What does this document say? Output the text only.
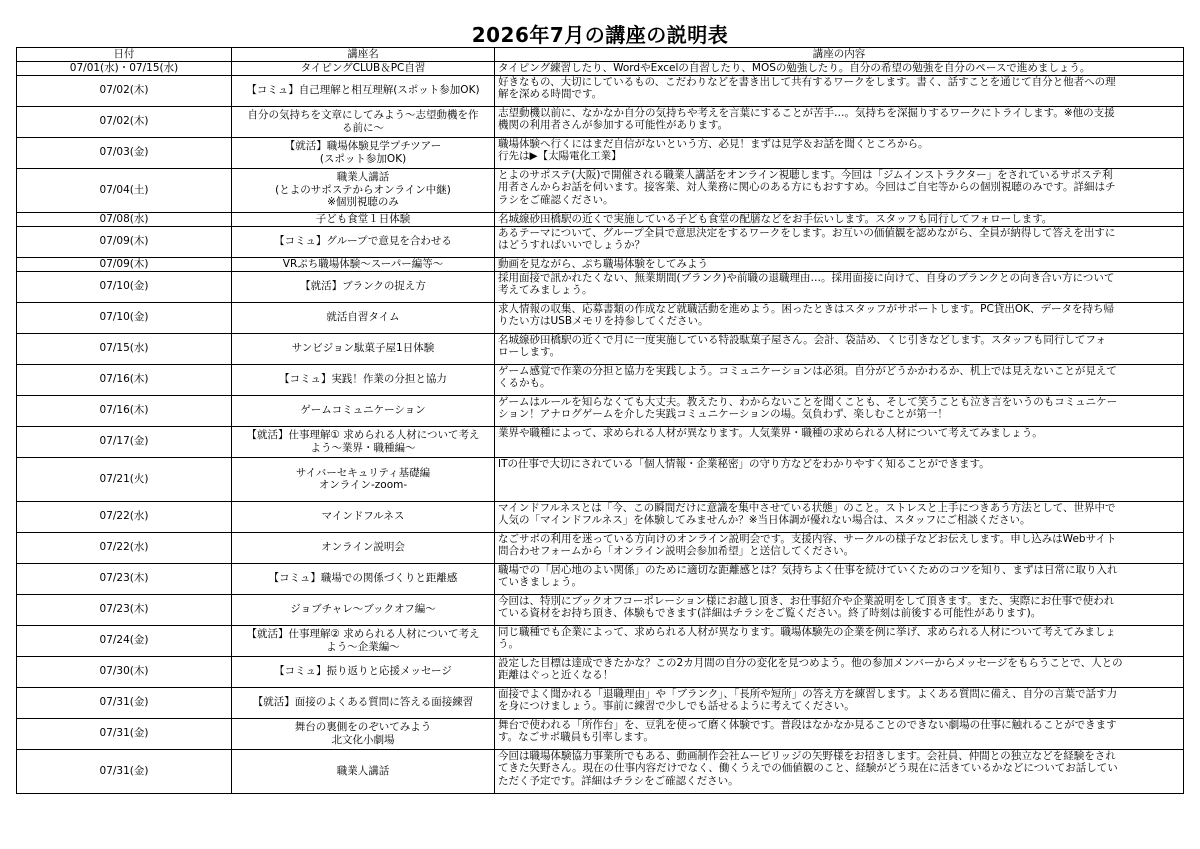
2026年7月の講座の説明表
日付	講座名	講座の内容
07/01(水)・07/15(水)	タイピングCLUB＆PC自習	タイピング練習したり、WordやExcelの自習したり、MOSの勉強したり。自分の希望の勉強を自分のペースで進めましょう。
07/02(木)	【コミュ】自己理解と相互理解(スポット参加OK)	好きなもの、大切にしているもの、こだわりなどを書き出して共有するワークをします。書く、話すことを通じて自分と他者への理
解を深める時間です。
07/02(木)	自分の気持ちを文章にしてみよう〜志望動機を作
る前に〜	志望動機以前に、なかなか自分の気持ちや考えを言葉にすることが苦手…。気持ちを深掘りするワークにトライします。※他の支援
機関の利用者さんが参加する可能性があります。
07/03(金)	【就活】職場体験見学プチツアー
(スポット参加OK)	職場体験へ行くにはまだ自信がないという方、必見！まずは見学＆お話を聞くところから。
行先は▶【太陽電化工業】
07/04(土)	職業人講話
(とよのサポステからオンライン中継)
※個別視聴のみ	とよのサポステ(大阪)で開催される職業人講話をオンライン視聴します。今回は「ジムインストラクター」をされているサポステ利
用者さんからお話を伺います。接客業、対人業務に関心のある方にもおすすめ。今回はご自宅等からの個別視聴のみです。詳細はチ
ラシをご確認ください。
07/08(水)	子ども食堂１日体験	名城線砂田橋駅の近くで実施している子ども食堂の配膳などをお手伝いします。スタッフも同行してフォローします。
07/09(木)	【コミュ】グループで意見を合わせる	あるテーマについて、グループ全員で意思決定をするワークをします。お互いの価値観を認めながら、全員が納得して答えを出すに
はどうすればいいでしょうか？
07/09(木)	VRぷち職場体験〜スーパー編等〜	動画を見ながら、ぷち職場体験をしてみよう
07/10(金)	【就活】ブランクの捉え方	採用面接で訊かれたくない、無業期間(ブランク)や前職の退職理由…。採用面接に向けて、自身のブランクとの向き合い方について
考えてみましょう。
07/10(金)	就活自習タイム	求人情報の収集、応募書類の作成など就職活動を進めよう。困ったときはスタッフがサポートします。PC貸出OK、データを持ち帰
りたい方はUSBメモリを持参してください。
07/15(水)	サンビジョン駄菓子屋1日体験	名城線砂田橋駅の近くで月に一度実施している特設駄菓子屋さん。会計、袋詰め、くじ引きなどします。スタッフも同行してフォ
ローします。
07/16(木)	【コミュ】実践！作業の分担と協力	ゲーム感覚で作業の分担と協力を実践しよう。コミュニケーションは必須。自分がどうかかわるか、机上では見えないことが見えて
くるかも。
07/16(木)	ゲームコミュニケーション	ゲームはルールを知らなくても大丈夫。教えたり、わからないことを聞くことも、そして笑うことも泣き言をいうのもコミュニケー
ション！アナログゲームを介した実践コミュニケーションの場。気負わず、楽しむことが第一！
07/17(金)	【就活】仕事理解① 求められる人材について考え
よう〜業界・職種編〜	業界や職種によって、求められる人材が異なります。人気業界・職種の求められる人材について考えてみましょう。
07/21(火)	サイバーセキュリティ基礎編
オンライン-zoom-	ITの仕事で大切にされている「個人情報・企業秘密」の守り方などをわかりやすく知ることができます。
07/22(水)	マインドフルネス	マインドフルネスとは「今、この瞬間だけに意識を集中させている状態」のこと。ストレスと上手につきあう方法として、世界中で
人気の「マインドフルネス」を体験してみませんか？※当日体調が優れない場合は、スタッフにご相談ください。
07/22(水)	オンライン説明会	なごサポの利用を迷っている方向けのオンライン説明会です。支援内容、サークルの様子などお伝えします。申し込みはWebサイト
問合わせフォームから「オンライン説明会参加希望」と送信してください。
07/23(木)	【コミュ】職場での関係づくりと距離感	職場での「居心地のよい関係」のために適切な距離感とは？気持ちよく仕事を続けていくためのコツを知り、まずは日常に取り入れ
ていきましょう。
07/23(木)	ジョブチャレ〜ブックオフ編〜	今回は、特別にブックオフコーポレーション様にお越し頂き、お仕事紹介や企業説明をして頂きます。また、実際にお仕事で使われ
ている資材をお持ち頂き、体験もできます(詳細はチラシをご覧ください。終了時刻は前後する可能性があります)。
07/24(金)	【就活】仕事理解② 求められる人材について考え
よう〜企業編〜	同じ職種でも企業によって、求められる人材が異なります。職場体験先の企業を例に挙げ、求められる人材について考えてみましょ
う。
07/30(木)	【コミュ】振り返りと応援メッセージ	設定した目標は達成できたかな？この2カ月間の自分の変化を見つめよう。他の参加メンバーからメッセージをもらうことで、人との
距離はぐっと近くなる！
07/31(金)	【就活】面接のよくある質問に答える面接練習	面接でよく聞かれる「退職理由」や「ブランク」、「長所や短所」の答え方を練習します。よくある質問に備え、自分の言葉で話す力
を身につけましょう。事前に練習で少しでも話せるように考えてください。
07/31(金)	舞台の裏側をのぞいてみよう
北文化小劇場	舞台で使われる「所作台」を、豆乳を使って磨く体験です。普段はなかなか見ることのできない劇場の仕事に触れることができます
す。なごサポ職員も引率します。
07/31(金)	職業人講話	今回は職場体験協力事業所でもある、動画制作会社ムービリッジの矢野様をお招きします。会社員、仲間との独立などを経験をされ
てきた矢野さん。現在の仕事内容だけでなく、働くうえでの価値観のこと、経験がどう現在に活きているかなどについてお話してい
ただく予定です。詳細はチラシをご確認ください。
